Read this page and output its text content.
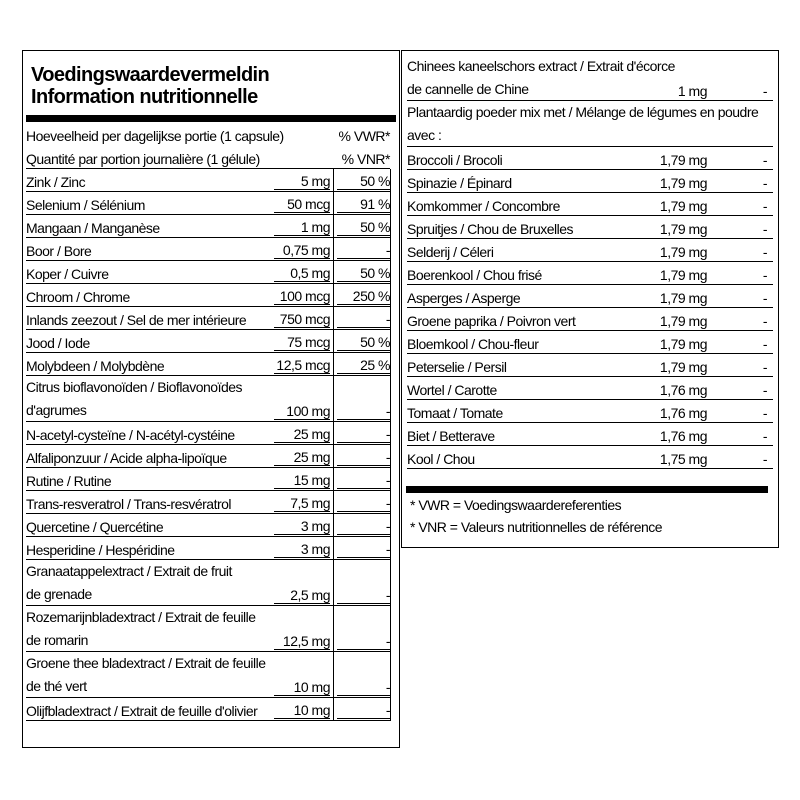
Voedingswaardevermeldin
Information nutritionnelle
Hoeveelheid per dagelijkse portie (1 capsule)	% VWR*
Quantité par portion journalière (1 gélule)	% VNR*
Zink / Zinc	5 mg	50 %
Selenium / Sélénium	50 mcg	91 %
Mangaan / Manganèse	1 mg	50 %
Boor / Bore	0,75 mg	-
Koper / Cuivre	0,5 mg	50 %
Chroom / Chrome	100 mcg	250 %
Inlands zeezout / Sel de mer intérieure	750 mcg	-
Jood / Iode	75 mcg	50 %
Molybdeen / Molybdène	12,5 mcg	25 %
Citrus bioflavonoïden / Bioflavonoïdes
d'agrumes	100 mg	-
N-acetyl-cysteïne / N-acétyl-cystéine	25 mg	-
Alfaliponzuur / Acide alpha-lipoïque	25 mg	-
Rutine / Rutine	15 mg	-
Trans-resveratrol / Trans-resvératrol	7,5 mg	-
Quercetine / Quercétine	3 mg	-
Hesperidine / Hespéridine	3 mg	-
Granaatappelextract / Extrait de fruit
de grenade	2,5 mg	-
Rozemarijnbladextract / Extrait de feuille
de romarin	12,5 mg	-
Groene thee bladextract / Extrait de feuille
de thé vert	10 mg	-
Olijfbladextract / Extrait de feuille d'olivier	10 mg	-
Chinees kaneelschors extract / Extrait d'écorce
de cannelle de Chine	1 mg	-
Plantaardig poeder mix met / Mélange de légumes en poudre
avec :
Broccoli / Brocoli	1,79 mg	-
Spinazie / Épinard	1,79 mg	-
Komkommer / Concombre	1,79 mg	-
Spruitjes / Chou de Bruxelles	1,79 mg	-
Selderij / Céleri	1,79 mg	-
Boerenkool / Chou frisé	1,79 mg	-
Asperges / Asperge	1,79 mg	-
Groene paprika / Poivron vert	1,79 mg	-
Bloemkool / Chou-fleur	1,79 mg	-
Peterselie / Persil	1,79 mg	-
Wortel / Carotte	1,76 mg	-
Tomaat / Tomate	1,76 mg	-
Biet / Betterave	1,76 mg	-
Kool / Chou	1,75 mg	-
* VWR = Voedingswaardereferenties
* VNR = Valeurs nutritionnelles de référence
